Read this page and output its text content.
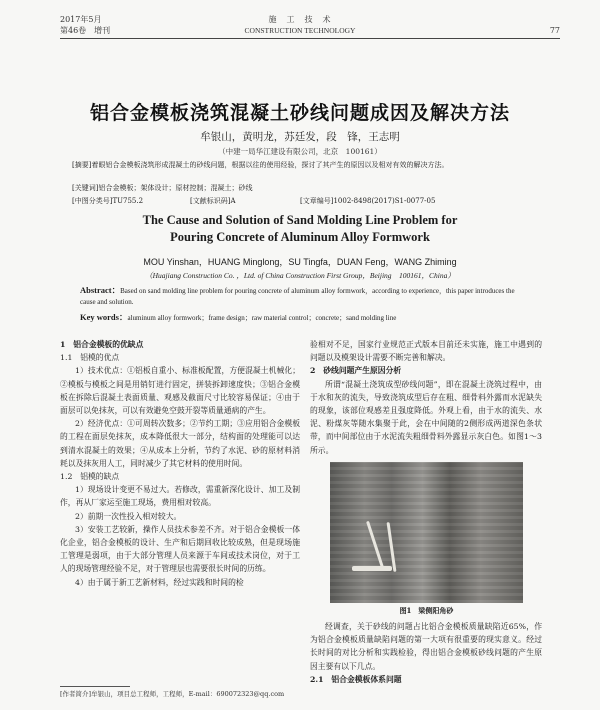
2017年5月
第46卷　增刊
施　工　技　术
CONSTRUCTION TECHNOLOGY	77
铝合金模板浇筑混凝土砂线问题成因及解决方法
牟银山，黄明龙，苏廷发，段　锋，王志明
（中建一局华江建设有限公司，北京　100161）
[摘要]着眼铝合金模板浇筑形成混凝土的砂线问题，根据以往的使用经验，探讨了其产生的原因以及相对有效的解决方法。
[关键词]铝合金模板；架体设计；原材控制；混凝土；砂线
[中图分类号]TU755.2	[文献标识码]A	[文章编号]1002-8498(2017)S1-0077-05
The Cause and Solution of Sand Molding Line Problem for
Pouring Concrete of Aluminum Alloy Formwork
MOU Yinshan，HUANG Minglong，SU Tingfa，DUAN Feng，WANG Zhiming
（Huajiang Construction Co. ，Ltd. of China Construction First Group，Beijing　100161，China）
Abstract：Based on sand molding line problem for pouring concrete of aluminum alloy formwork，according to experience，this paper introduces the cause and solution.
Key words：aluminum alloy formwork；frame design；raw material control；concrete；sand molding line

1　铝合金模板的优缺点

1.1　铝模的优点

1）技术优点：①铝板自重小、标准板配置，方便混凝土机械化；②模板与模板之间是用销钉进行固定，拼装拆卸速度快；③铝合金模板在拆除后混凝土表面质量、观感及截面尺寸比较容易保证；④由于面层可以免抹灰，可以有效避免空鼓开裂等质量通病的产生。

2）经济优点：①可周转次数多；②节约工期；③应用铝合金模板的工程在面层免抹灰，成本降低很大一部分，结构面的处理能可以达到清水混凝土的效果；④从成本上分析，节约了水泥、砂的原材料消耗以及抹灰用人工，同时减少了其它材料的使用时间。

1.2　铝模的缺点

1）现场设计变更不易过大。若修改，需重新深化设计、加工及制作，再从厂家运至施工现场，费用相对较高。

2）前期一次性投入相对较大。

3）安装工艺较新，操作人员技术参差不齐。对于铝合金模板一体化企业，铝合金模板的设计、生产和后期回收比较成熟，但是现场施工管理是弱项，由于大部分管理人员来源于车间或技术岗位，对于工人的现场管理经验不足，对于管理层也需要很长时间的历练。

4）由于属于新工艺新材料，经过实践和时间的检

验相对不足，国家行业规范正式版本目前还未实施，施工中遇到的问题以及模架设计需要不断完善和解决。

2　砂线问题产生原因分析

所谓“混凝土浇筑成型砂线问题”，即在混凝土浇筑过程中，由于水和灰的流失，导致浇筑成型后存在粗、细骨料外露而水泥缺失的现象，该部位观感差且强度降低。外观上看，由于水的流失、水泥、粉煤灰等随水集聚于此，会在中间随的2侧形成两道深色条状带，而中间部位由于水泥流失粗细骨料外露显示灰白色。如图1～3所示。

图1　梁侧阳角砂

经调查，关于砂线的问题占比铝合金模板质量缺陷近65%，作为铝合金模板质量缺陷问题的第一大项有很重要的现实意义。经过长时间的对比分析和实践检验，得出铝合金模板砂线问题的产生原因主要有以下几点。

2.1　铝合金模板体系问题

[作者简介]牟银山，项目总工程师，工程师，E-mail：690072323@qq.com
